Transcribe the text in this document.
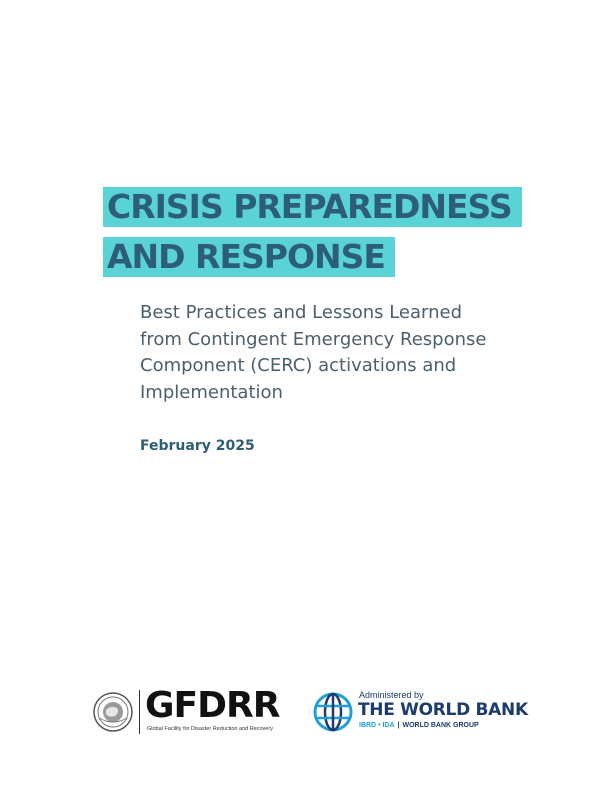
CRISIS PREPAREDNESS
AND RESPONSE
Best Practices and Lessons Learned
from Contingent Emergency Response
Component (CERC) activations and
Implementation
February 2025
GFDRR
Global Facility for Disaster Reduction and Recovery
Administered by
THE WORLD BANK
IBRD • IDA | WORLD BANK GROUP
